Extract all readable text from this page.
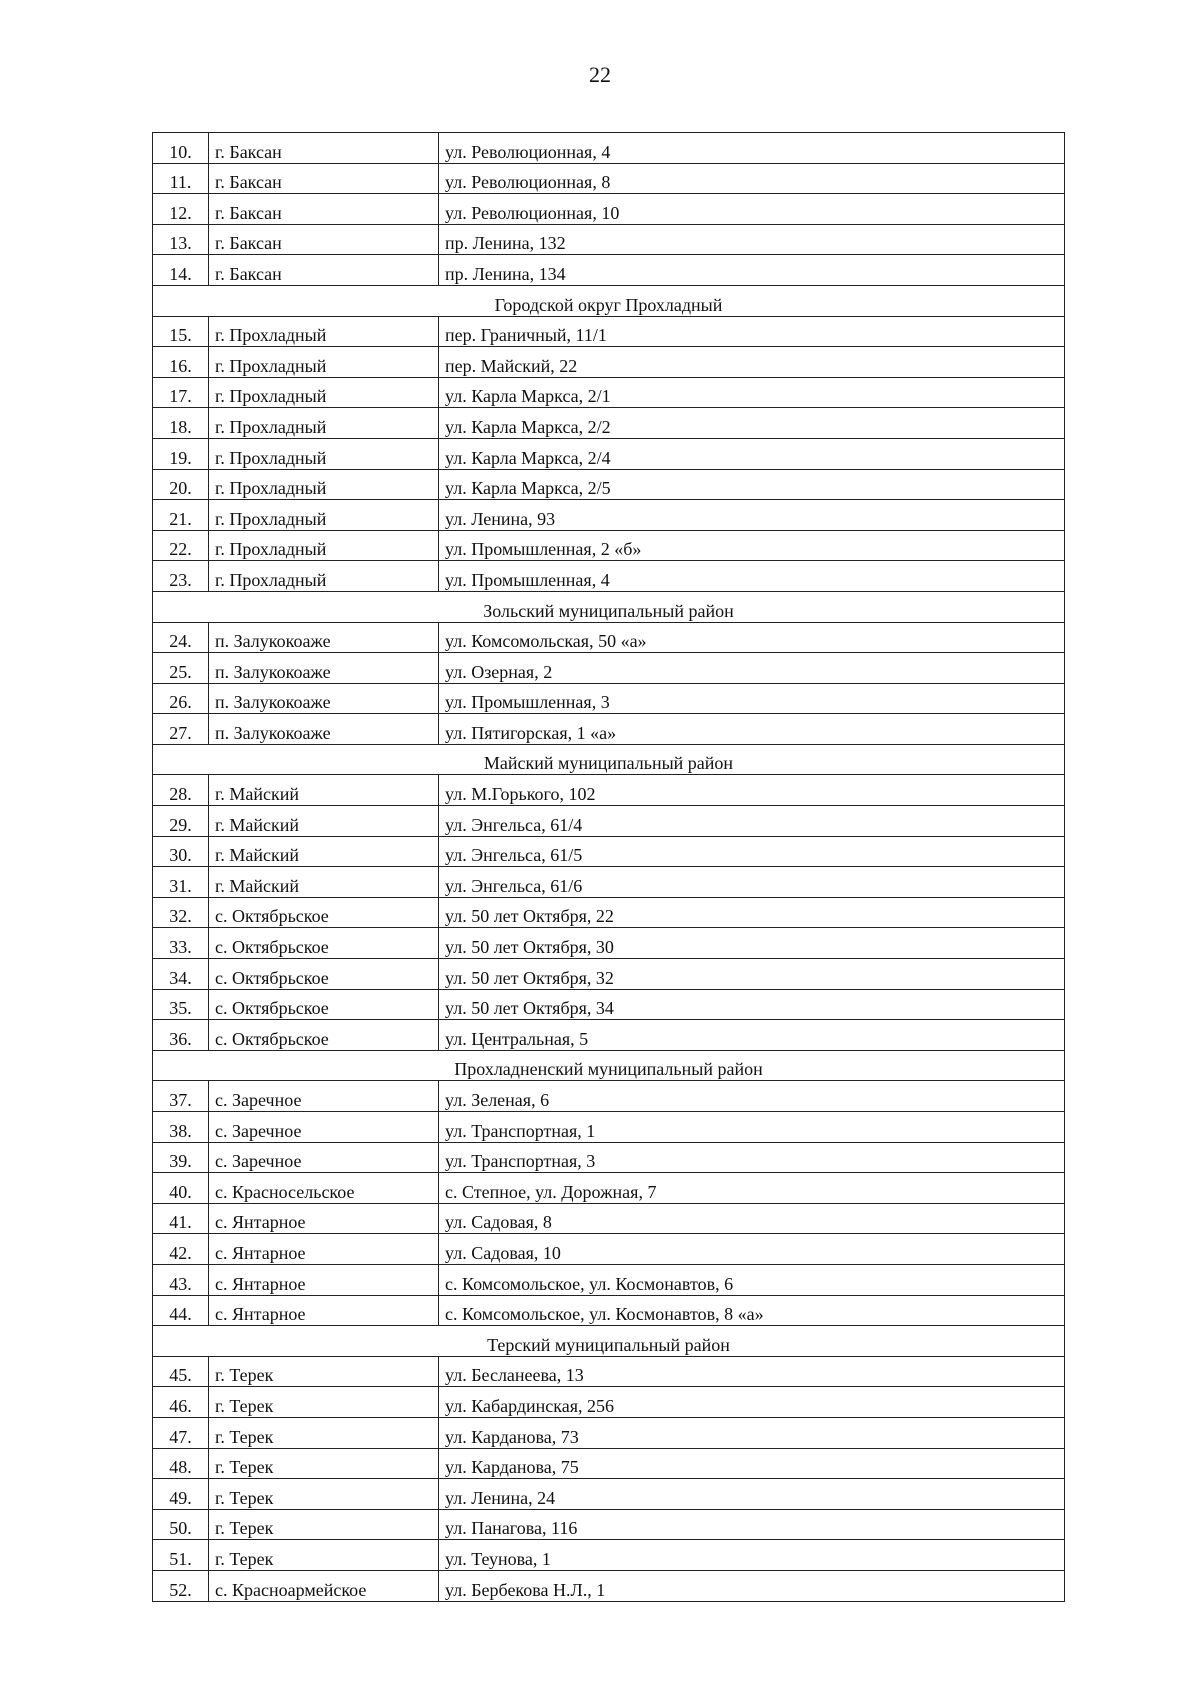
22
10.	г. Баксан	ул. Революционная, 4
11.	г. Баксан	ул. Революционная, 8
12.	г. Баксан	ул. Революционная, 10
13.	г. Баксан	пр. Ленина, 132
14.	г. Баксан	пр. Ленина, 134
Городской округ Прохладный		
15.	г. Прохладный	пер. Граничный, 11/1
16.	г. Прохладный	пер. Майский, 22
17.	г. Прохладный	ул. Карла Маркса, 2/1
18.	г. Прохладный	ул. Карла Маркса, 2/2
19.	г. Прохладный	ул. Карла Маркса, 2/4
20.	г. Прохладный	ул. Карла Маркса, 2/5
21.	г. Прохладный	ул. Ленина, 93
22.	г. Прохладный	ул. Промышленная, 2 «б»
23.	г. Прохладный	ул. Промышленная, 4
Зольский муниципальный район		
24.	п. Залукокоаже	ул. Комсомольская, 50 «а»
25.	п. Залукокоаже	ул. Озерная, 2
26.	п. Залукокоаже	ул. Промышленная, 3
27.	п. Залукокоаже	ул. Пятигорская, 1 «а»
Майский муниципальный район		
28.	г. Майский	ул. М.Горького, 102
29.	г. Майский	ул. Энгельса, 61/4
30.	г. Майский	ул. Энгельса, 61/5
31.	г. Майский	ул. Энгельса, 61/6
32.	с. Октябрьское	ул. 50 лет Октября, 22
33.	с. Октябрьское	ул. 50 лет Октября, 30
34.	с. Октябрьское	ул. 50 лет Октября, 32
35.	с. Октябрьское	ул. 50 лет Октября, 34
36.	с. Октябрьское	ул. Центральная, 5
Прохладненский муниципальный район		
37.	с. Заречное	ул. Зеленая, 6
38.	с. Заречное	ул. Транспортная, 1
39.	с. Заречное	ул. Транспортная, 3
40.	с. Красносельское	с. Степное, ул. Дорожная, 7
41.	с. Янтарное	ул. Садовая, 8
42.	с. Янтарное	ул. Садовая, 10
43.	с. Янтарное	с. Комсомольское, ул. Космонавтов, 6
44.	с. Янтарное	с. Комсомольское, ул. Космонавтов, 8 «а»
Терский муниципальный район		
45.	г. Терек	ул. Бесланеева, 13
46.	г. Терек	ул. Кабардинская, 256
47.	г. Терек	ул. Карданова, 73
48.	г. Терек	ул. Карданова, 75
49.	г. Терек	ул. Ленина, 24
50.	г. Терек	ул. Панагова, 116
51.	г. Терек	ул. Теунова, 1
52.	с. Красноармейское	ул. Бербекова Н.Л., 1
